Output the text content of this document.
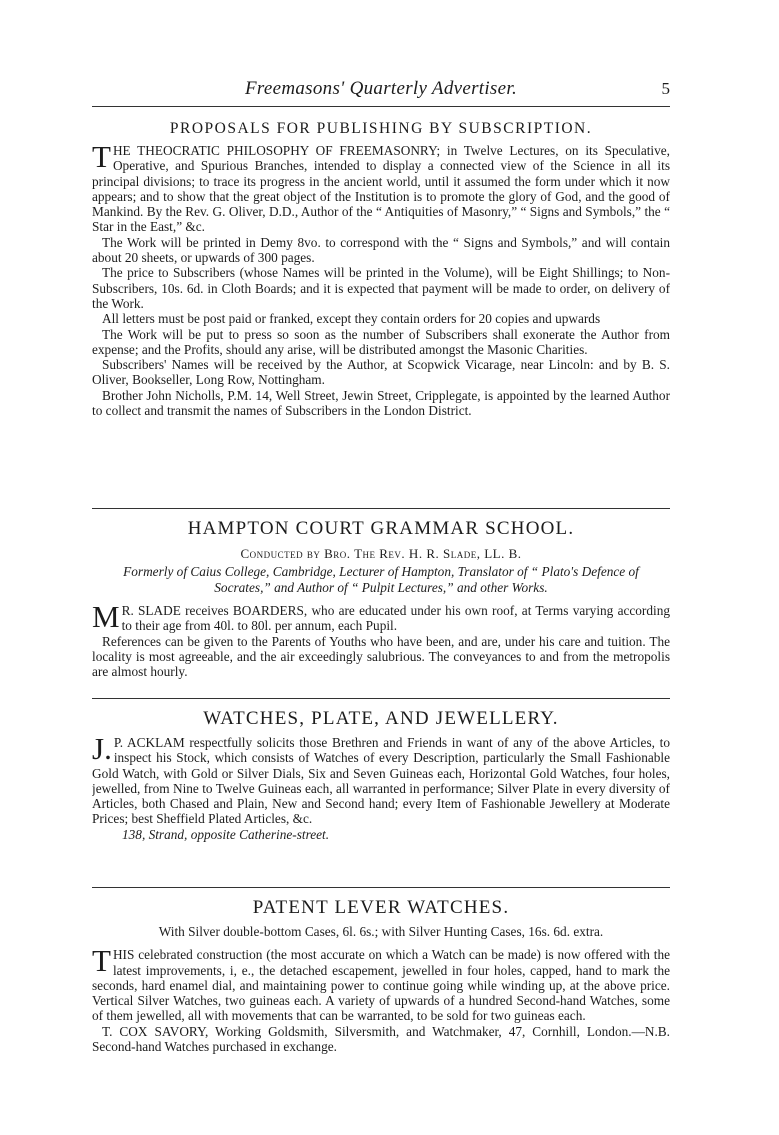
Freemasons' Quarterly Advertiser.	5
PROPOSALS FOR PUBLISHING BY SUBSCRIPTION.

THE THEOCRATIC PHILOSOPHY OF FREEMASONRY; in Twelve Lectures, on its Speculative, Operative, and Spurious Branches, intended to display a connected view of the Science in all its principal divisions; to trace its progress in the ancient world, until it assumed the form under which it now appears; and to show that the great object of the Institution is to promote the glory of God, and the good of Mankind. By the Rev. G. Oliver, D.D., Author of the “ Antiquities of Masonry,” “ Signs and Symbols,” the “ Star in the East,” &c.

The Work will be printed in Demy 8vo. to correspond with the “ Signs and Symbols,” and will contain about 20 sheets, or upwards of 300 pages.

The price to Subscribers (whose Names will be printed in the Volume), will be Eight Shillings; to Non-Subscribers, 10s. 6d. in Cloth Boards; and it is expected that payment will be made to order, on delivery of the Work.

All letters must be post paid or franked, except they contain orders for 20 copies and upwards

The Work will be put to press so soon as the number of Subscribers shall exonerate the Author from expense; and the Profits, should any arise, will be distributed amongst the Masonic Charities.

Subscribers' Names will be received by the Author, at Scopwick Vicarage, near Lincoln: and by B. S. Oliver, Bookseller, Long Row, Nottingham.

Brother John Nicholls, P.M. 14, Well Street, Jewin Street, Cripplegate, is appointed by the learned Author to collect and transmit the names of Subscribers in the London District.

HAMPTON COURT GRAMMAR SCHOOL.
Conducted by Bro. The Rev. H. R. Slade, LL. B.
Formerly of Caius College, Cambridge, Lecturer of Hampton, Translator of “ Plato's Defence of Socrates,” and Author of “ Pulpit Lectures,” and other Works.

MR. SLADE receives BOARDERS, who are educated under his own roof, at Terms varying according to their age from 40l. to 80l. per annum, each Pupil.

References can be given to the Parents of Youths who have been, and are, under his care and tuition. The locality is most agreeable, and the air exceedingly salubrious. The conveyances to and from the metropolis are almost hourly.

WATCHES, PLATE, AND JEWELLERY.

J.P. ACKLAM respectfully solicits those Brethren and Friends in want of any of the above Articles, to inspect his Stock, which consists of Watches of every Description, particularly the Small Fashionable Gold Watch, with Gold or Silver Dials, Six and Seven Guineas each, Horizontal Gold Watches, four holes, jewelled, from Nine to Twelve Guineas each, all warranted in performance; Silver Plate in every diversity of Articles, both Chased and Plain, New and Second hand; every Item of Fashionable Jewellery at Moderate Prices; best Sheffield Plated Articles, &c.

138, Strand, opposite Catherine-street.

PATENT LEVER WATCHES.

With Silver double-bottom Cases, 6l. 6s.; with Silver Hunting Cases, 16s. 6d. extra.

THIS celebrated construction (the most accurate on which a Watch can be made) is now offered with the latest improvements, i, e., the detached escapement, jewelled in four holes, capped, hand to mark the seconds, hard enamel dial, and maintaining power to continue going while winding up, at the above price. Vertical Silver Watches, two guineas each. A variety of upwards of a hundred Second-hand Watches, some of them jewelled, all with movements that can be warranted, to be sold for two guineas each.

T. COX SAVORY, Working Goldsmith, Silversmith, and Watchmaker, 47, Cornhill, London.—N.B. Second-hand Watches purchased in exchange.
